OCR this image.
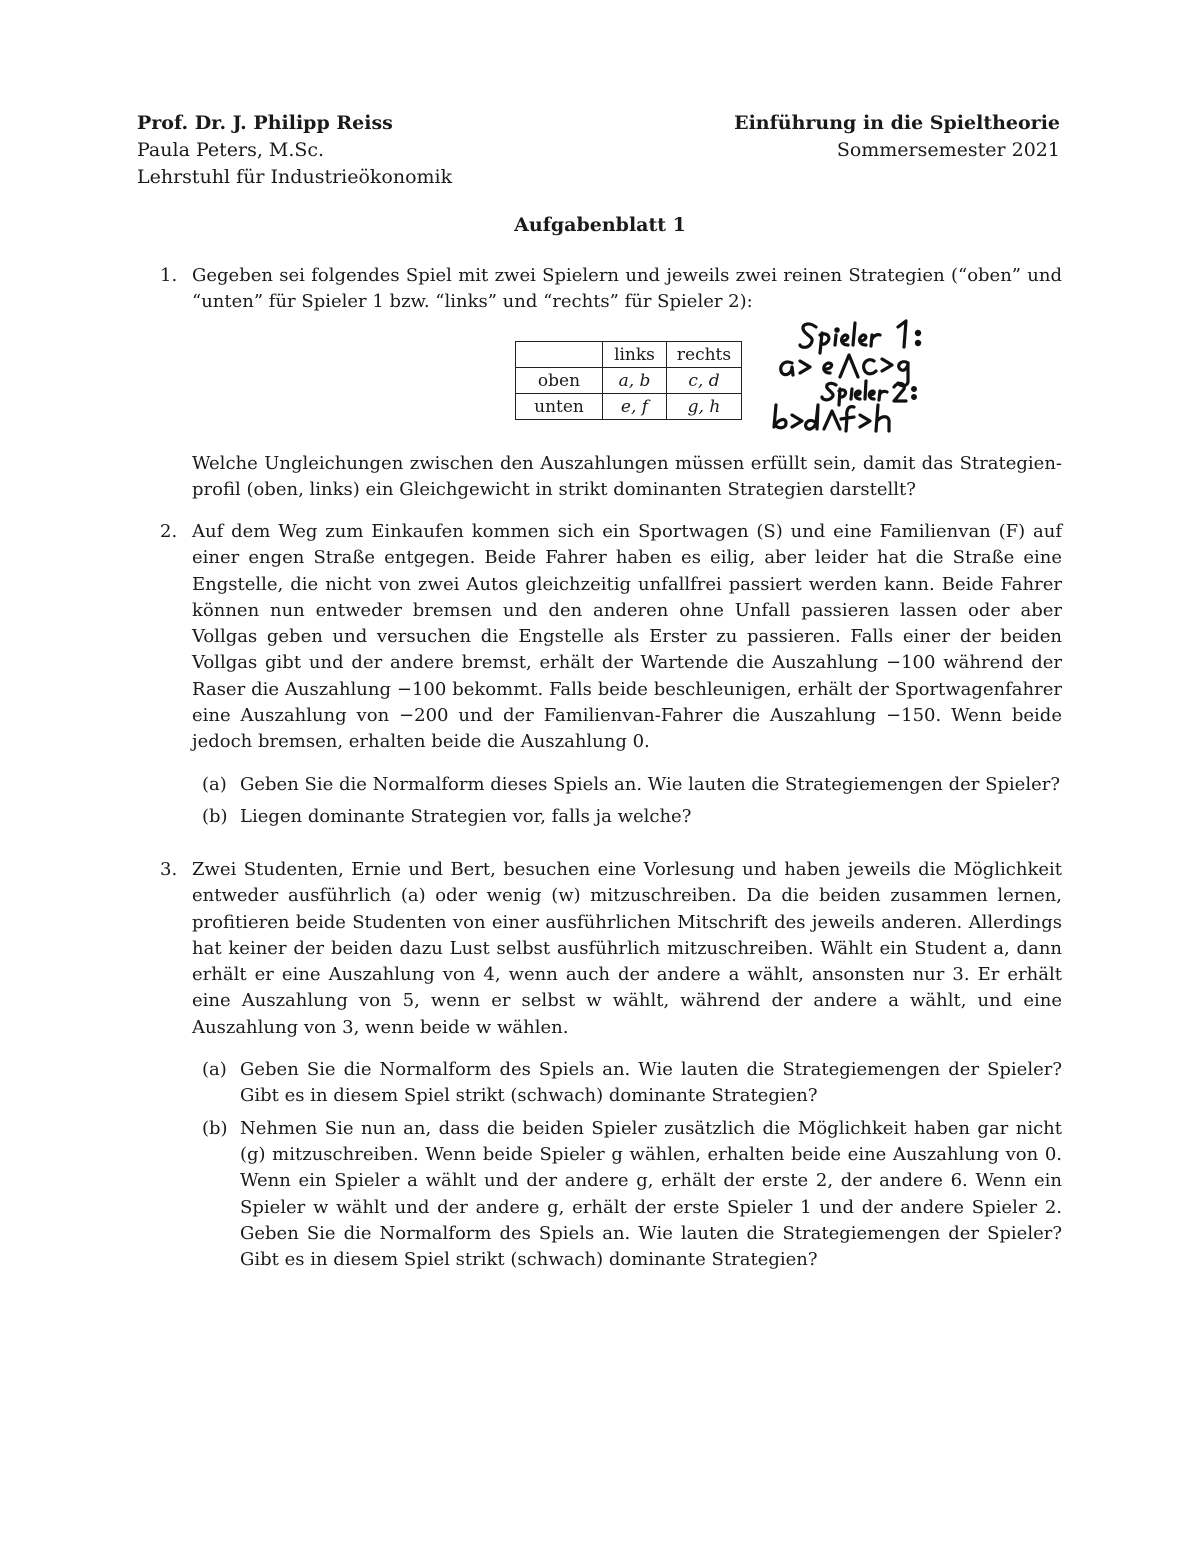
Prof. Dr. J. Philipp Reiss
Paula Peters, M.Sc.
Lehrstuhl für Industrieökonomik
Einführung in die Spieltheorie
Sommersemester 2021
Aufgabenblatt 1
1. Gegeben sei folgendes Spiel mit zwei Spielern und jeweils zwei reinen Strategien (“oben” und “unten” für Spieler 1 bzw. “links” und “rechts” für Spieler 2):
	links	rechts
oben	a, b	c, d
unten	e, f	g, h
Welche Ungleichungen zwischen den Auszahlungen müssen erfüllt sein, damit das Strategien-profil (oben, links) ein Gleichgewicht in strikt dominanten Strategien darstellt?
2. Auf dem Weg zum Einkaufen kommen sich ein Sportwagen (S) und eine Familienvan (F) auf einer engen Straße entgegen. Beide Fahrer haben es eilig, aber leider hat die Straße eine Engstelle, die nicht von zwei Autos gleichzeitig unfallfrei passiert werden kann. Beide Fahrer können nun entweder bremsen und den anderen ohne Unfall passieren lassen oder aber Vollgas geben und versuchen die Engstelle als Erster zu passieren. Falls einer der beiden Vollgas gibt und der andere bremst, erhält der Wartende die Auszahlung −100 während der Raser die Auszahlung −100 bekommt. Falls beide beschleunigen, erhält der Sportwagenfahrer eine Auszahlung von −200 und der Familienvan-Fahrer die Auszahlung −150. Wenn beide jedoch bremsen, erhalten beide die Auszahlung 0.
(a) Geben Sie die Normalform dieses Spiels an. Wie lauten die Strategiemengen der Spieler?
(b) Liegen dominante Strategien vor, falls ja welche?
3. Zwei Studenten, Ernie und Bert, besuchen eine Vorlesung und haben jeweils die Möglichkeit entweder ausführlich (a) oder wenig (w) mitzuschreiben. Da die beiden zusammen lernen, profitieren beide Studenten von einer ausführlichen Mitschrift des jeweils anderen. Allerdings hat keiner der beiden dazu Lust selbst ausführlich mitzuschreiben. Wählt ein Student a, dann erhält er eine Auszahlung von 4, wenn auch der andere a wählt, ansonsten nur 3. Er erhält eine Auszahlung von 5, wenn er selbst w wählt, während der andere a wählt, und eine Auszahlung von 3, wenn beide w wählen.
(a) Geben Sie die Normalform des Spiels an. Wie lauten die Strategiemengen der Spieler? Gibt es in diesem Spiel strikt (schwach) dominante Strategien?
(b) Nehmen Sie nun an, dass die beiden Spieler zusätzlich die Möglichkeit haben gar nicht (g) mitzuschreiben. Wenn beide Spieler g wählen, erhalten beide eine Auszahlung von 0. Wenn ein Spieler a wählt und der andere g, erhält der erste 2, der andere 6. Wenn ein Spieler w wählt und der andere g, erhält der erste Spieler 1 und der andere Spieler 2. Geben Sie die Normalform des Spiels an. Wie lauten die Strategiemengen der Spieler? Gibt es in diesem Spiel strikt (schwach) dominante Strategien?
